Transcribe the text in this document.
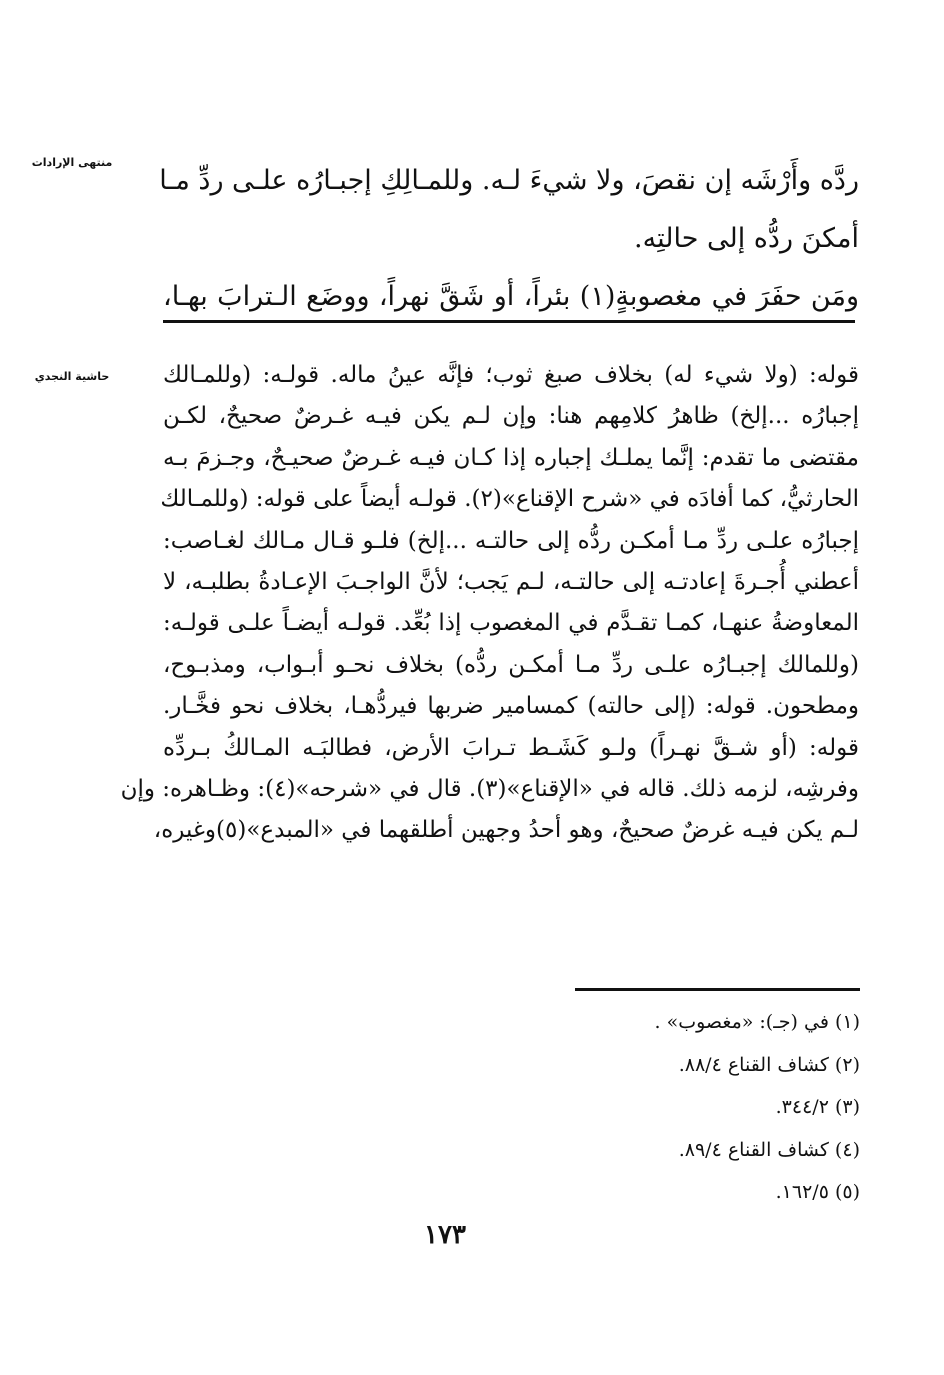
منتهى الإرادات
ردَّه وأَرْشَه إن نقصَ، ولا شيءَ لـه. وللمـالِكِ إجبـارُه علـى ردِّ مـا
أمكنَ ردُّه إلى حالتِه.
ومَن حفَرَ في مغصوبةٍ(١) بئراً، أو شَقَّ نهراً، ووضَع الـترابَ بهـا،
حاشية النجدي	قوله: (ولا شيء له) بخلاف صبغ ثوب؛ فإنَّه عينُ ماله. قولـه: (وللمـالك
إجبارُه ...إلخ) ظاهرُ كلامِهم هنا: وإن لـم يكن فيـه غـرضٌ صحيحٌ، لكـن
مقتضى ما تقدم: إنَّما يملـك إجباره إذا كـان فيـه غـرضٌ صحيـحٌ، وجـزمَ بـه
الحارثيُّ، كما أفادَه في «شرح الإقناع»(٢). قولـه أيضاً على قوله: (وللمـالك
إجبارُه علـى ردِّ مـا أمكـن ردُّه إلى حالتـه ...إلخ) فلـو قـال مـالك لغـاصب:
أعطني أُجـرةَ إعادتـه إلى حالتـه، لـم يَجب؛ لأنَّ الواجـبَ الإعـادةُ بطلبـه، لا
المعاوضةُ عنهـا، كمـا تقـدَّم في المغصوب إذا بُعِّد. قولـه أيضـاً علـى قولـه:
(وللمالك إجبـارُه علـى ردِّ مـا أمكـن ردُّه) بخلاف نحـو أبـواب، ومذبـوح،
ومطحون. قوله: (إلى حالته) كمسامير ضربها فيردُّهـا، بخلاف نحو فخَّـار.
قوله: (أو شـقَّ نهـراً) ولـو كَشَـط تـرابَ الأرض، فطالبَـه المـالكُ بـردِّه
وفرشِه، لزمه ذلك. قاله في «الإقناع»(٣). قال في «شرحه»(٤): وظـاهره: وإن
لـم يكن فيـه غرضٌ صحيحٌ، وهو أحدُ وجهين أطلقهما في «المبدع»(٥)وغيره،
(١) في (جـ): «مغصوب» .
(٢) كشاف القناع ٨٨/٤.
(٣) ٣٤٤/٢.
(٤) كشاف القناع ٨٩/٤.
(٥) ١٦٢/٥.
١٧٣
